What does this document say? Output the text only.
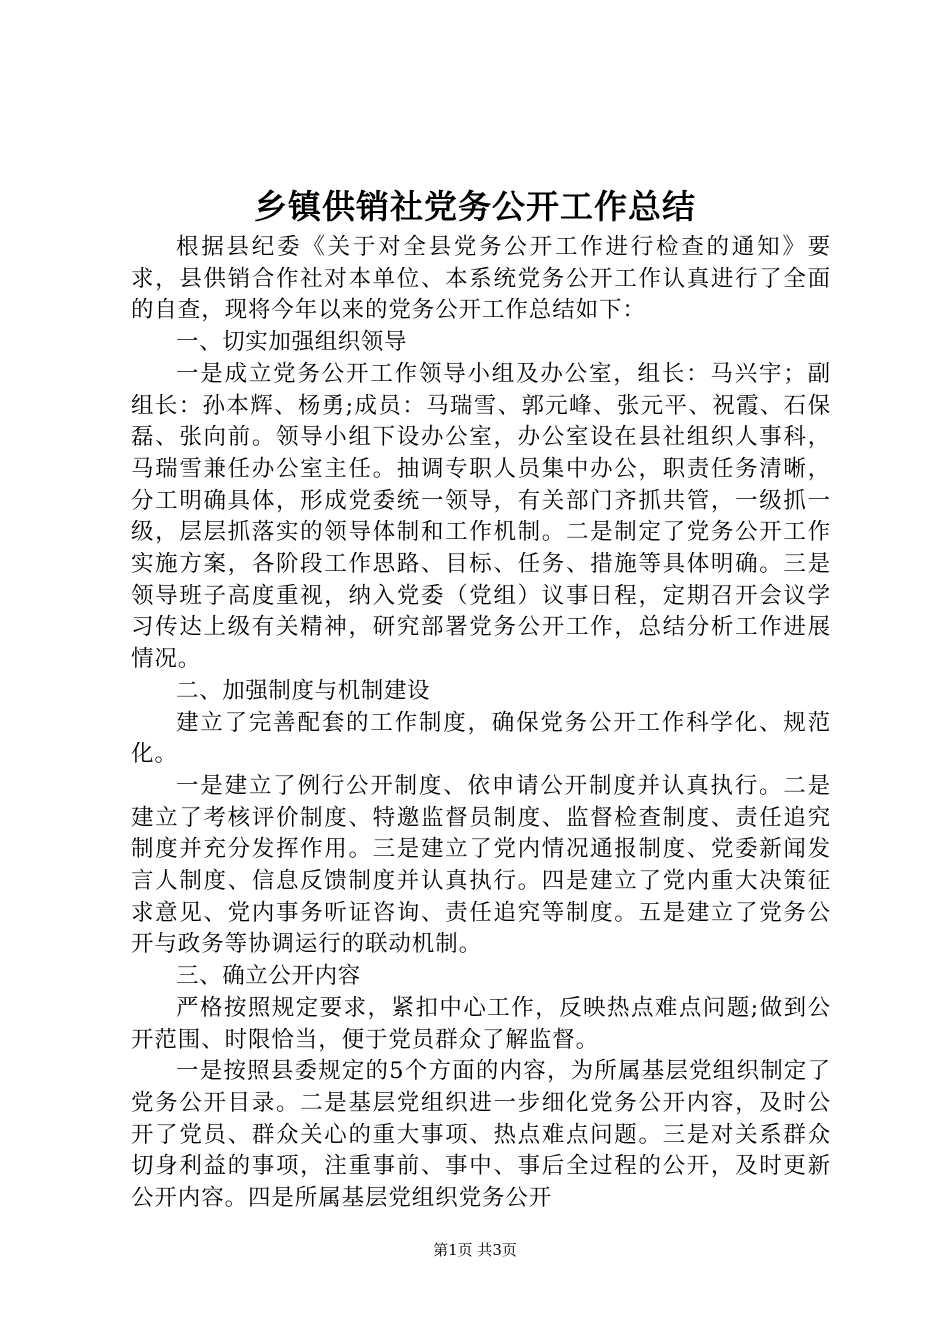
乡镇供销社党务公开工作总结

根据县纪委《关于对全县党务公开工作进行检查的通知》要求，县供销合作社对本单位、本系统党务公开工作认真进行了全面的自查，现将今年以来的党务公开工作总结如下：

一、切实加强组织领导

一是成立党务公开工作领导小组及办公室，组长：马兴宇；副组长：孙本辉、杨勇;成员：马瑞雪、郭元峰、张元平、祝霞、石保磊、张向前。领导小组下设办公室，办公室设在县社组织人事科，马瑞雪兼任办公室主任。抽调专职人员集中办公，职责任务清晰，分工明确具体，形成党委统一领导，有关部门齐抓共管，一级抓一级，层层抓落实的领导体制和工作机制。二是制定了党务公开工作实施方案，各阶段工作思路、目标、任务、措施等具体明确。三是领导班子高度重视，纳入党委（党组）议事日程，定期召开会议学习传达上级有关精神，研究部署党务公开工作，总结分析工作进展情况。

二、加强制度与机制建设

建立了完善配套的工作制度，确保党务公开工作科学化、规范化。

一是建立了例行公开制度、依申请公开制度并认真执行。二是建立了考核评价制度、特邀监督员制度、监督检查制度、责任追究制度并充分发挥作用。三是建立了党内情况通报制度、党委新闻发言人制度、信息反馈制度并认真执行。四是建立了党内重大决策征求意见、党内事务听证咨询、责任追究等制度。五是建立了党务公开与政务等协调运行的联动机制。

三、确立公开内容

严格按照规定要求，紧扣中心工作，反映热点难点问题;做到公开范围、时限恰当，便于党员群众了解监督。

一是按照县委规定的5个方面的内容，为所属基层党组织制定了党务公开目录。二是基层党组织进一步细化党务公开内容，及时公开了党员、群众关心的重大事项、热点难点问题。三是对关系群众切身利益的事项，注重事前、事中、事后全过程的公开，及时更新公开内容。四是所属基层党组织党务公开

第1页 共3页
